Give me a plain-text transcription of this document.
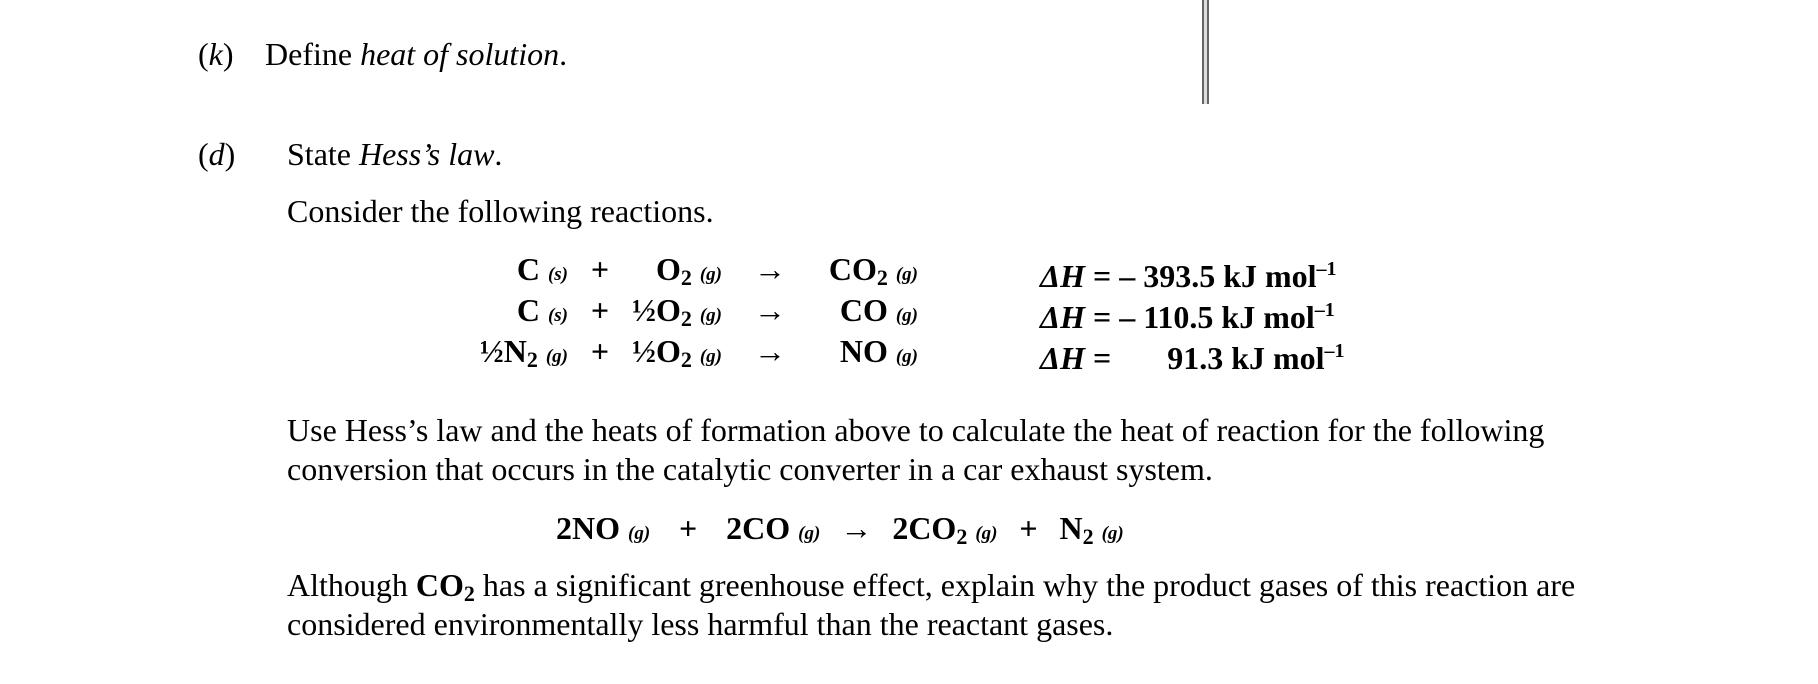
(k) Define heat of solution.
(d) State Hess’s law.
Consider the following reactions.
C (s) +	$O_2$ (g) →	$CO_2$ (g)	ΔH = – 393.5 kJ mol$^{-1}$
C $(s) + \frac{1}{2}O_2$ (g) →	CO (g)	ΔH = – 110.5 kJ mol$^{-1}$
$\frac{1}{2}N_2$ $(g) + \frac{1}{2}O_2$ (g) →	NO (g)	ΔH =       91.3 kJ mol$^{-1}$
Use Hess’s law and the heats of formation above to calculate the heat of reaction for the following
conversion that occurs in the catalytic converter in a car exhaust system.
2NO (g) + 2CO $(g) \to 2CO_2$ $(g) + N_2$ (g)
Although $CO_2$ has a significant greenhouse effect, explain why the product gases of this reaction are
considered environmentally less harmful than the reactant gases.
